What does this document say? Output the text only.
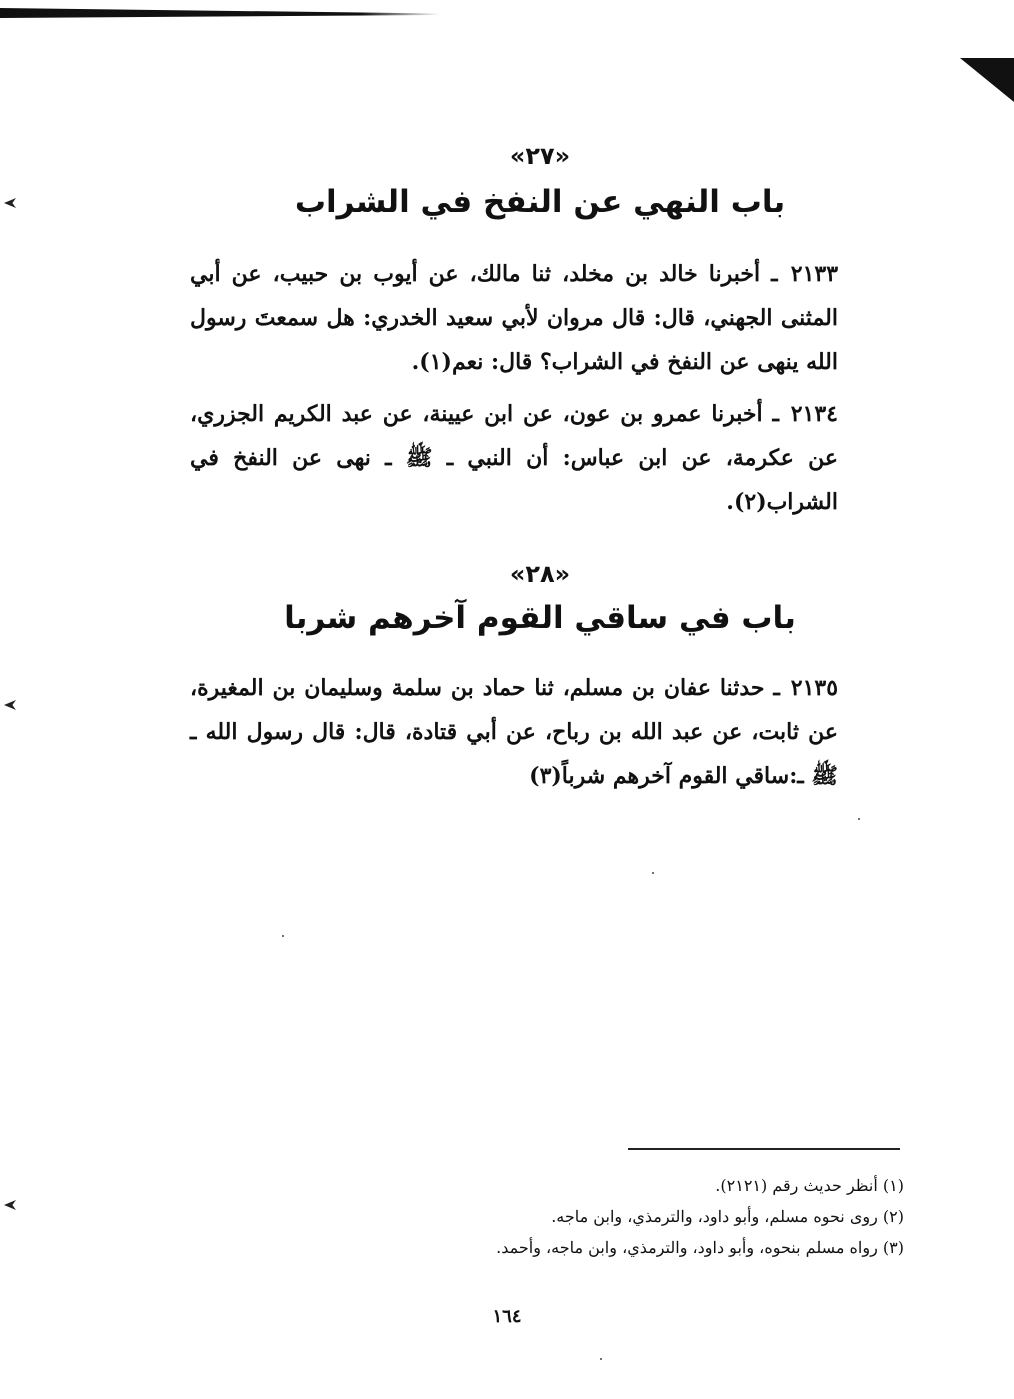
«٢٧»
باب النهي عن النفخ في الشراب
٢١٣٣ ـ أخبرنا خالد بن مخلد، ثنا مالك، عن أيوب بن حبيب، عن أبي المثنى الجهني، قال: قال مروان لأبي سعيد الخدري: هل سمعتَ رسول الله ينهى عن النفخ في الشراب؟ قال: نعم(١).
٢١٣٤ ـ أخبرنا عمرو بن عون، عن ابن عيينة، عن عبد الكريم الجزري، عن عكرمة، عن ابن عباس: أن النبي ـ ﷺ ـ نهى عن النفخ في الشراب(٢).
«٢٨»
باب في ساقي القوم آخرهم شربا
٢١٣٥ ـ حدثنا عفان بن مسلم، ثنا حماد بن سلمة وسليمان بن المغيرة، عن ثابت، عن عبد الله بن رباح، عن أبي قتادة، قال: قال رسول الله ـ ﷺ ـ:ساقي القوم آخرهم شرباً(٣)
(١) أنظر حديث رقم (٢١٢١).
(٢) روى نحوه مسلم، وأبو داود، والترمذي، وابن ماجه.
(٣) رواه مسلم بنحوه، وأبو داود، والترمذي، وابن ماجه، وأحمد.
١٦٤
